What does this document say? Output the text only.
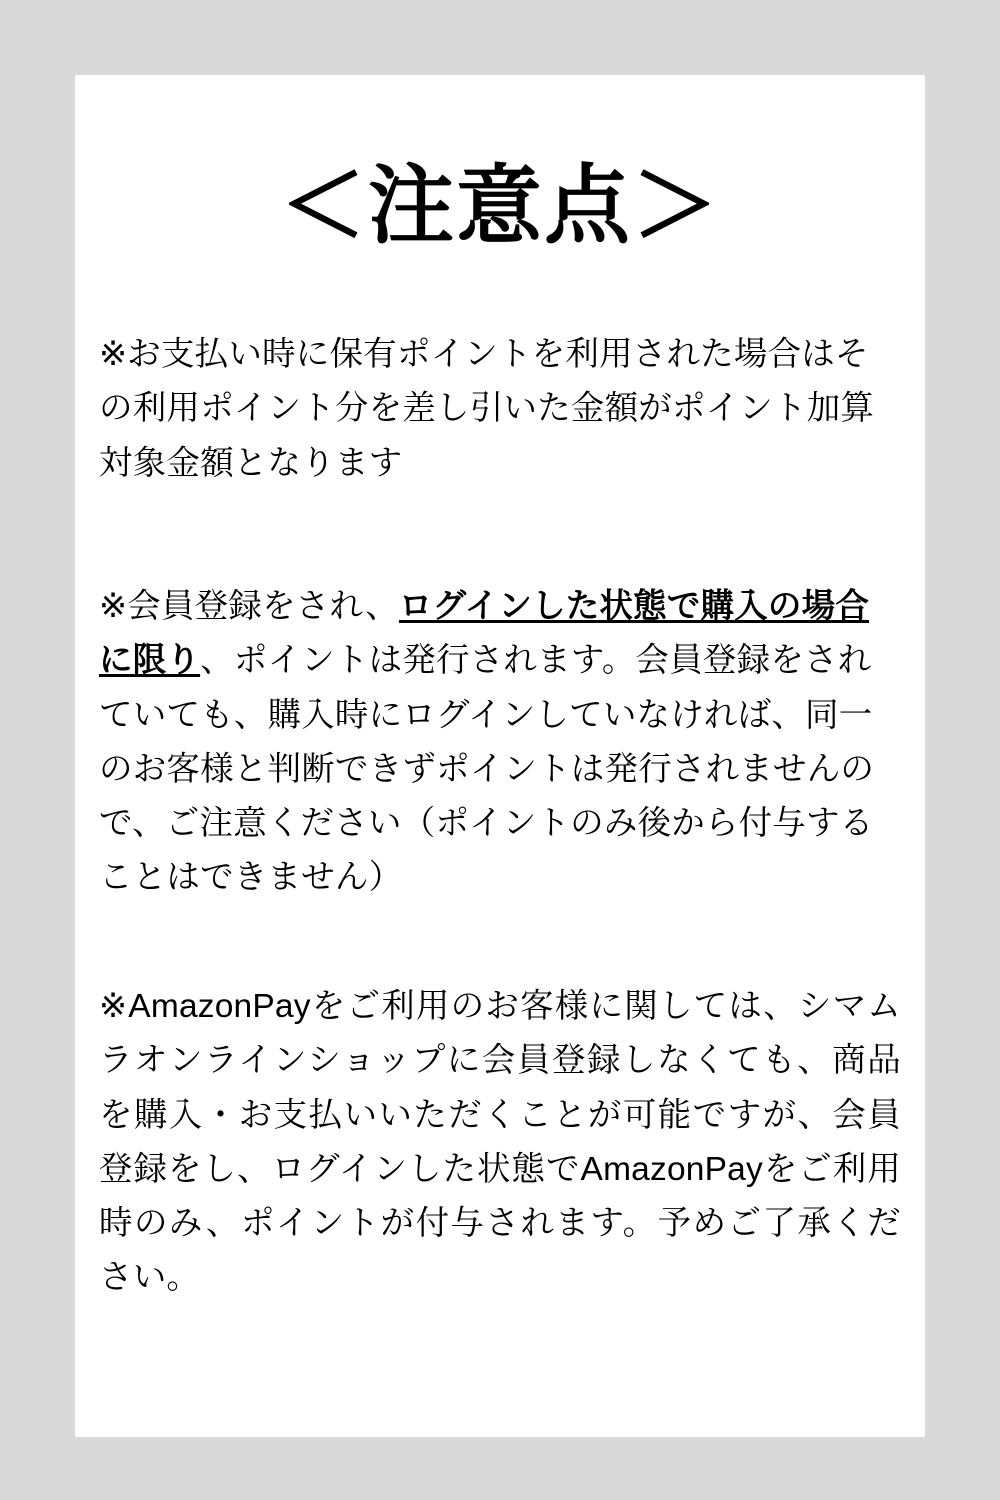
＜注意点＞
※お支払い時に保有ポイントを利用された場合はその利用ポイント分を差し引いた金額がポイント加算対象金額となります
※会員登録をされ、ログインした状態で購入の場合に限り、ポイントは発行されます。会員登録をされていても、購入時にログインしていなければ、同一のお客様と判断できずポイントは発行されませんので、ご注意ください（ポイントのみ後から付与することはできません）
※AmazonPayをご利用のお客様に関しては、シマムラオンラインショップに会員登録しなくても、商品を購入・お支払いいただくことが可能ですが、会員登録をし、ログインした状態でAmazonPayをご利用時のみ、ポイントが付与されます。予めご了承ください。
